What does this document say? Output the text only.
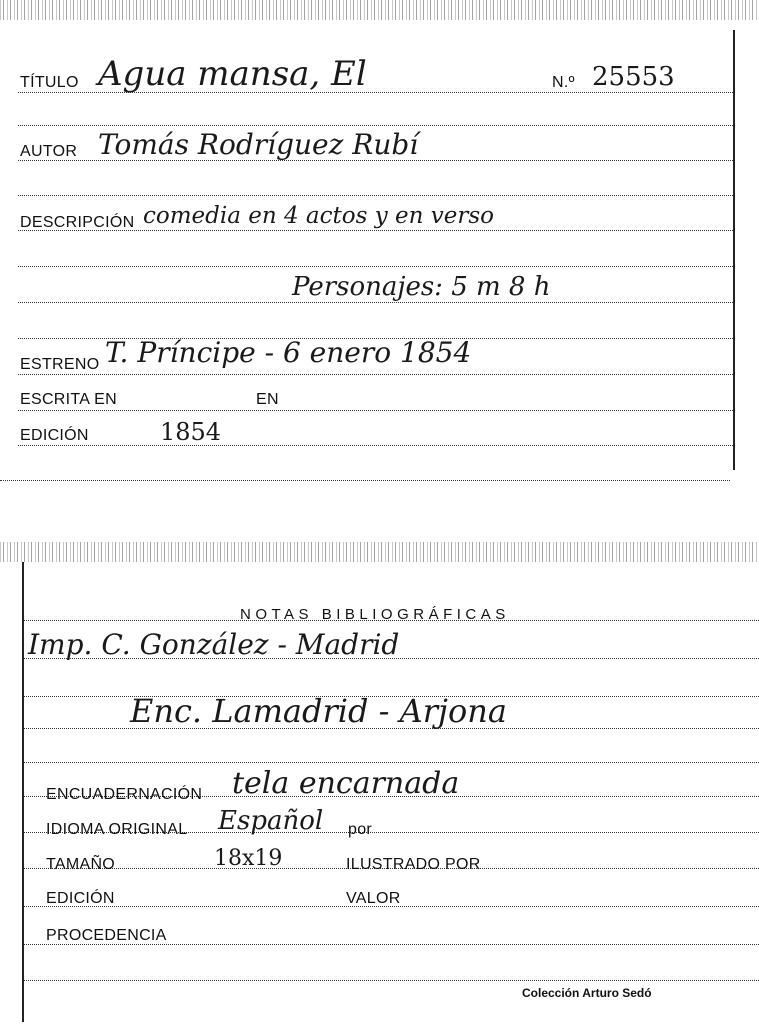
TÍTULO Agua mansa, El	N.º 25553
AUTOR Tomás Rodríguez Rubí
DESCRIPCIÓN comedia en 4 actos y en verso
Personajes: 5 m 8 h
ESTRENO T. Príncipe - 6 enero 1854
ESCRITA EN	EN
EDICIÓN	1854
NOTAS BIBLIOGRÁFICAS
Imp. C. González - Madrid
Enc. Lamadrid - Arjona
ENCUADERNACIÓN tela encarnada
IDIOMA ORIGINAL Español por
TAMAÑO	18x19	ILUSTRADO POR
EDICIÓN	VALOR
PROCEDENCIA
Colección Arturo Sedó
